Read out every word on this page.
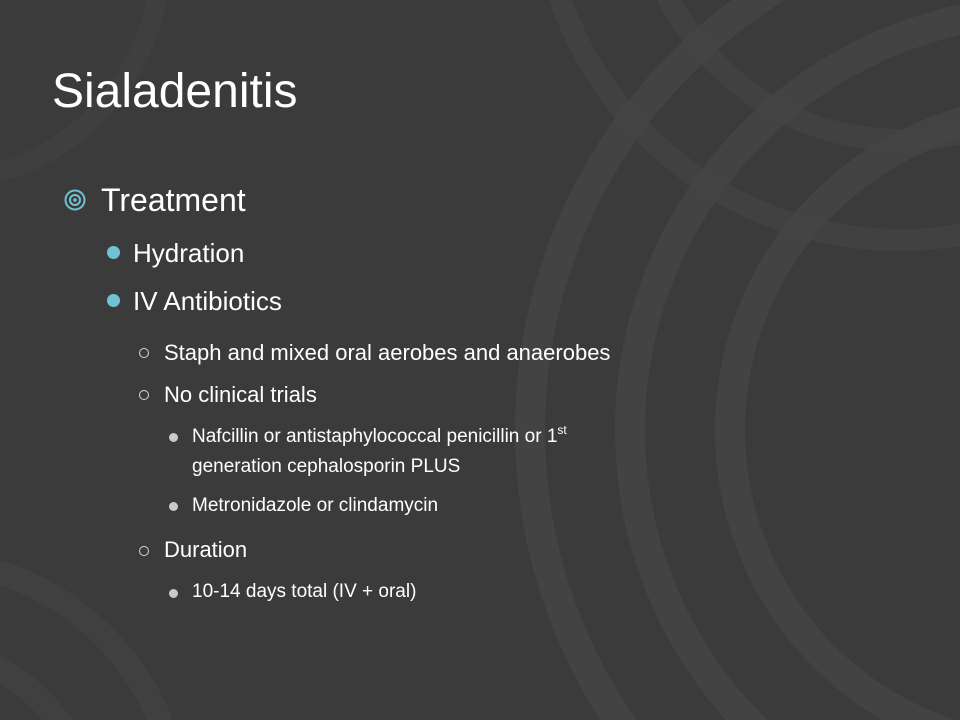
Sialadenitis
Treatment
Hydration
IV Antibiotics
Staph and mixed oral aerobes and anaerobes
No clinical trials
Nafcillin or antistaphylococcal penicillin or 1st
generation cephalosporin PLUS
Metronidazole or clindamycin
Duration
10-14 days total (IV + oral)
